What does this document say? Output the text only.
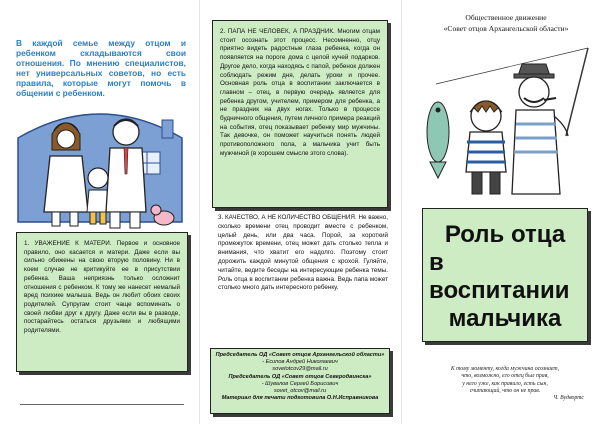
В каждой семье между отцом и ребенком складываются свои отношения. По мнению специалистов, нет универсальных советов, но есть правила, которые могут помочь в общении с ребенком.
1. УВАЖЕНИЕ К МАТЕРИ. Первое и основное правило, оно касается и матери. Даже если вы сильно обижены на свою вторую половину. Ни в коем случае не критикуйте ее в присутствии ребенка. Ваша неприязнь только осложнит отношения с ребенком. К тому же нанесет немалый вред психике малыша. Ведь он любит обоих своих родителей. Супругам стоит чаще вспоминать о своей любви друг к другу. Даже если вы в разводе, постарайтесь остаться друзьями и любящими родителями.
2. ПАПА НЕ ЧЕЛОВЕК, А ПРАЗДНИК. Многим отцам стоит осознать этот процесс. Несомненно, отцу приятно видеть радостные глаза ребенка, когда он появляется на пороге дома с целой кучей подарков. Другое дело, когда находясь с папой, ребенок должен соблюдать режим дня, делать уроки и прочее. Основная роль отца в воспитании заключается в главном – отец, в первую очередь является для ребенка другом, учителем, примером для ребенка, а не праздник на двух ногах. Только в процессе будничного общения, путем личного примера реакций на события, отец показывает ребенку мир мужчины. Так девочке, он поможет научиться понять людей противоположного пола, а мальчика учит быть мужчиной (в хорошем смысле этого слова).
3. КАЧЕСТВО, А НЕ КОЛИЧЕСТВО ОБЩЕНИЯ. Не важно, сколько времени отец проводит вместе с ребенком, целый день, или два часа. Порой, за короткий промежуток времени, отец может дать столько тепла и внимания, что хватит его надолго. Поэтому стоит дорожить каждой минутой общения с крохой. Гуляйте, читайте, ведите беседы на интересующие ребенка темы. Роль отца в воспитании ребенка важна. Ведь папа может столько много дать интересного ребенку.
Председатель ОД «Совет отцов Архангельской области»
- Есипов Андрей Николаевич
sovetotcov29@mail.ru
Председатель ОД «Совет отцов Северодвинска»
- Шувалов Сергей Борисович
sovet_otcov@mail.ru
Материал для печати подготовила О.Н.Исправникова
Общественное движение
«Совет отцов Архангельской области»
Роль отца
в воспитании
мальчика
К тому моменту, когда мужчина осознает,
что, возможно, его отец был прав,
у него уже, как правило, есть сын,
считающий, что он не прав.
Ч. Вудвортс
